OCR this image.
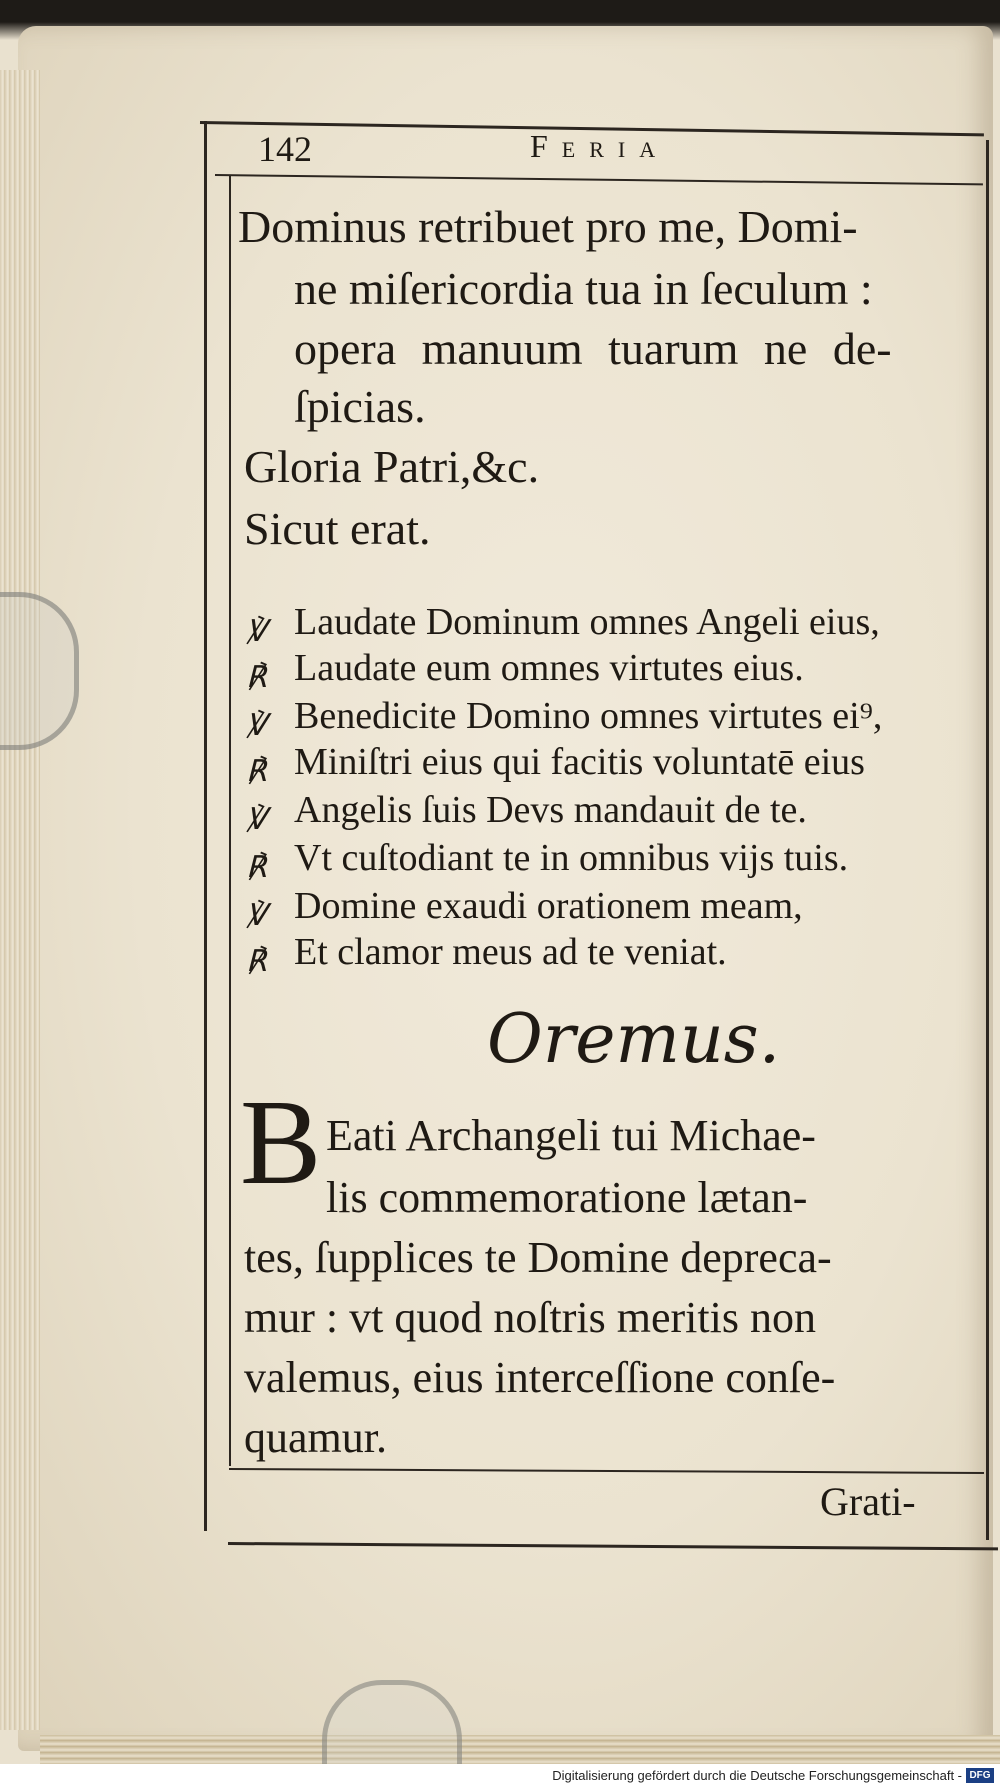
142	Feria
Dominus retribuet pro me, Domi-
ne miſericordia tua in ſeculum :
opera manuum tuarum ne de-
ſpicias.
Gloria Patri,&c.
Sicut erat.
℣ Laudate Dominum omnes Angeli eius,
℟ Laudate eum omnes virtutes eius.
℣ Benedicite Domino omnes virtutes ei⁹,
℟ Miniſtri eius qui facitis voluntatē eius
℣ Angelis ſuis Devs mandauit de te.
℟ Vt cuſtodiant te in omnibus vijs tuis.
℣ Domine exaudi orationem meam,
℟ Et clamor meus ad te veniat.
Oremus.
B Eati Archangeli tui Michae-
lis commemoratione lætan-
tes, ſupplices te Domine depreca-
mur : vt quod noſtris meritis non
valemus, eius interceſſione conſe-
quamur.
Grati-
Digitalisierung gefördert durch die Deutsche Forschungsgemeinschaft - DFG
